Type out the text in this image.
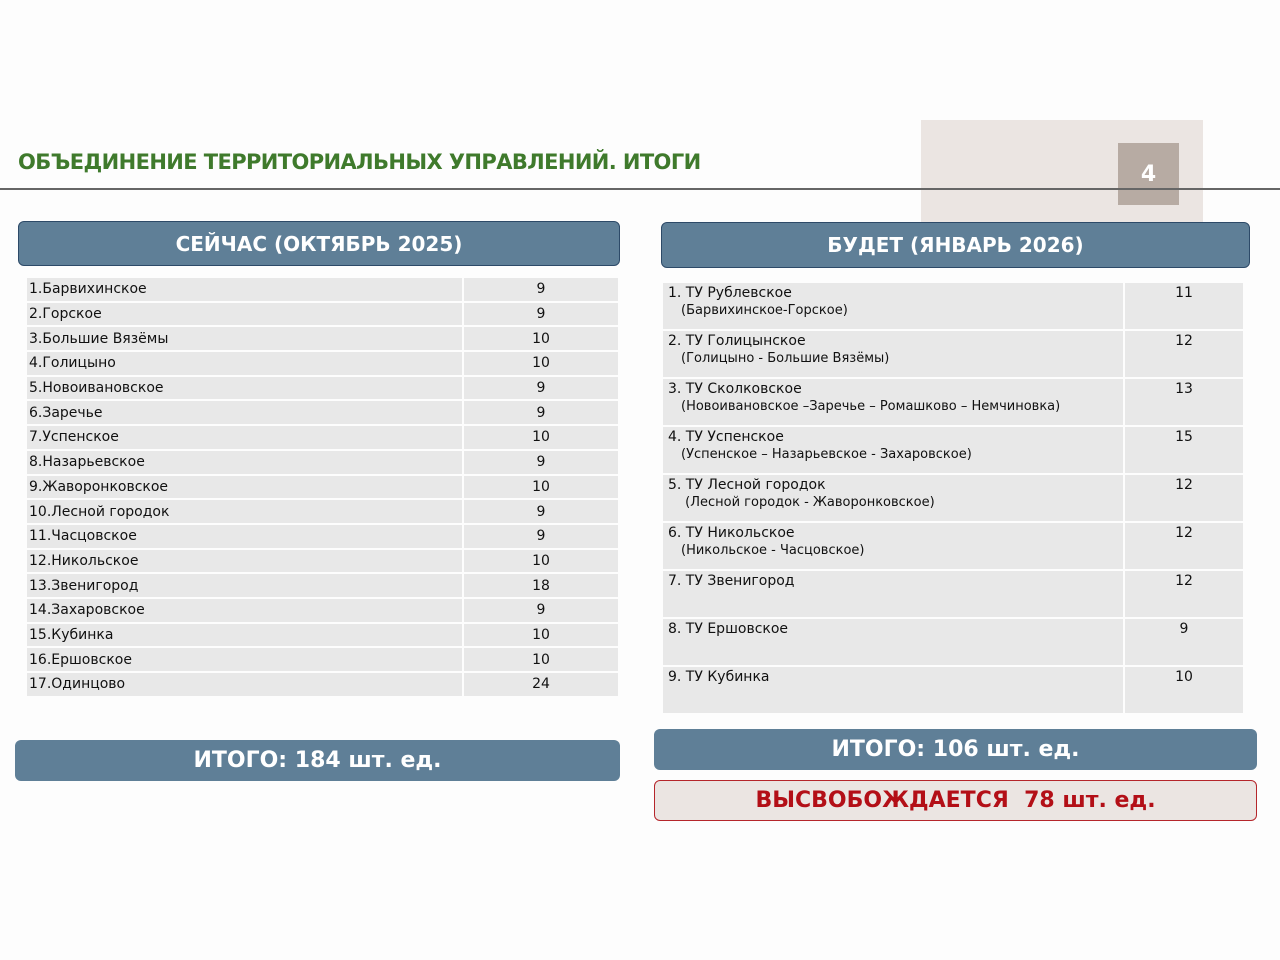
4
ОБЪЕДИНЕНИЕ ТЕРРИТОРИАЛЬНЫХ УПРАВЛЕНИЙ. ИТОГИ
СЕЙЧАС (ОКТЯБРЬ 2025)	БУДЕТ (ЯНВАРЬ 2026)
1.Барвихинское	9
2.Горское	9
3.Большие Вязёмы	10
4.Голицыно	10
5.Новоивановское	9
6.Заречье	9
7.Успенское	10
8.Назарьевское	9
9.Жаворонковское	10
10.Лесной городок	9
11.Часцовское	9
12.Никольское	10
13.Звенигород	18
14.Захаровское	9
15.Кубинка	10
16.Ершовское	10
17.Одинцово	24
1. ТУ Рублевское
(Барвихинское-Горское)	11

2. ТУ Голицынское
(Голицыно - Большие Вязёмы)	12

3. ТУ Сколковское
(Новоивановское –Заречье – Ромашково – Немчиновка)	13

4. ТУ Успенское
(Успенское – Назарьевское - Захаровское)	15

5. ТУ Лесной городок
(Лесной городок - Жаворонковское)	12

6. ТУ Никольское
(Никольское - Часцовское)	12

7. ТУ Звенигород	12

8. ТУ Ершовское	9

9. ТУ Кубинка	10
ИТОГО: 184 шт. ед.	ИТОГО: 106 шт. ед.
ВЫСВОБОЖДАЕТСЯ  78 шт. ед.
